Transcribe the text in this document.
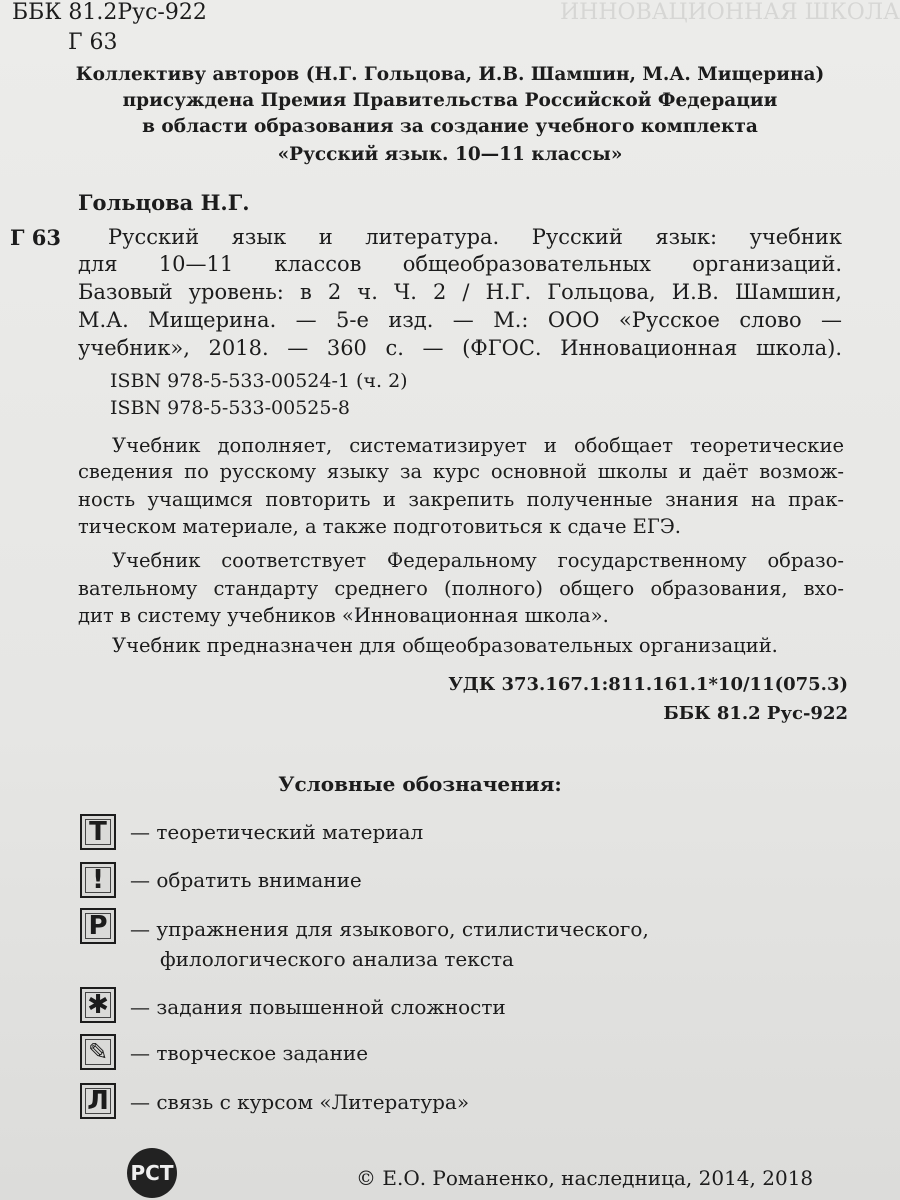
ИННОВАЦИОННАЯ ШКОЛА
ББК 81.2Рус-922
Г 63
Коллективу авторов (Н.Г. Гольцова, И.В. Шамшин, М.А. Мищерина)
присуждена Премия Правительства Российской Федерации
в области образования за создание учебного комплекта
«Русский язык. 10—11 классы»
Гольцова Н.Г.
Г 63 Русский язык и литература. Русский язык: учебник
для 10—11 классов общеобразовательных организаций.
Базовый уровень: в 2 ч. Ч. 2 / Н.Г. Гольцова, И.В. Шамшин,
М.А. Мищерина. — 5-е изд. — М.: ООО «Русское слово —
учебник», 2018. — 360 с. — (ФГОС. Инновационная школа).
ISBN 978-5-533-00524-1 (ч. 2)
ISBN 978-5-533-00525-8
Учебник дополняет, систематизирует и обобщает теоретические
сведения по русскому языку за курс основной школы и даёт возмож-
ность учащимся повторить и закрепить полученные знания на прак-
тическом материале, а также подготовиться к сдаче ЕГЭ.
Учебник соответствует Федеральному государственному образо-
вательному стандарту среднего (полного) общего образования, вхо-
дит в систему учебников «Инновационная школа».
Учебник предназначен для общеобразовательных организаций.
УДК 373.167.1:811.161.1*10/11(075.3)
ББК 81.2 Рус-922
Условные обозначения:
Т	— теоретический материал
!	— обратить внимание
Р	— упражнения для языкового, стилистического,
филологического анализа текста
✱	— задания повышенной сложности
✎	— творческое задание
Л	— связь с курсом «Литература»
РСТ	© Е.О. Романенко, наследница, 2014, 2018
